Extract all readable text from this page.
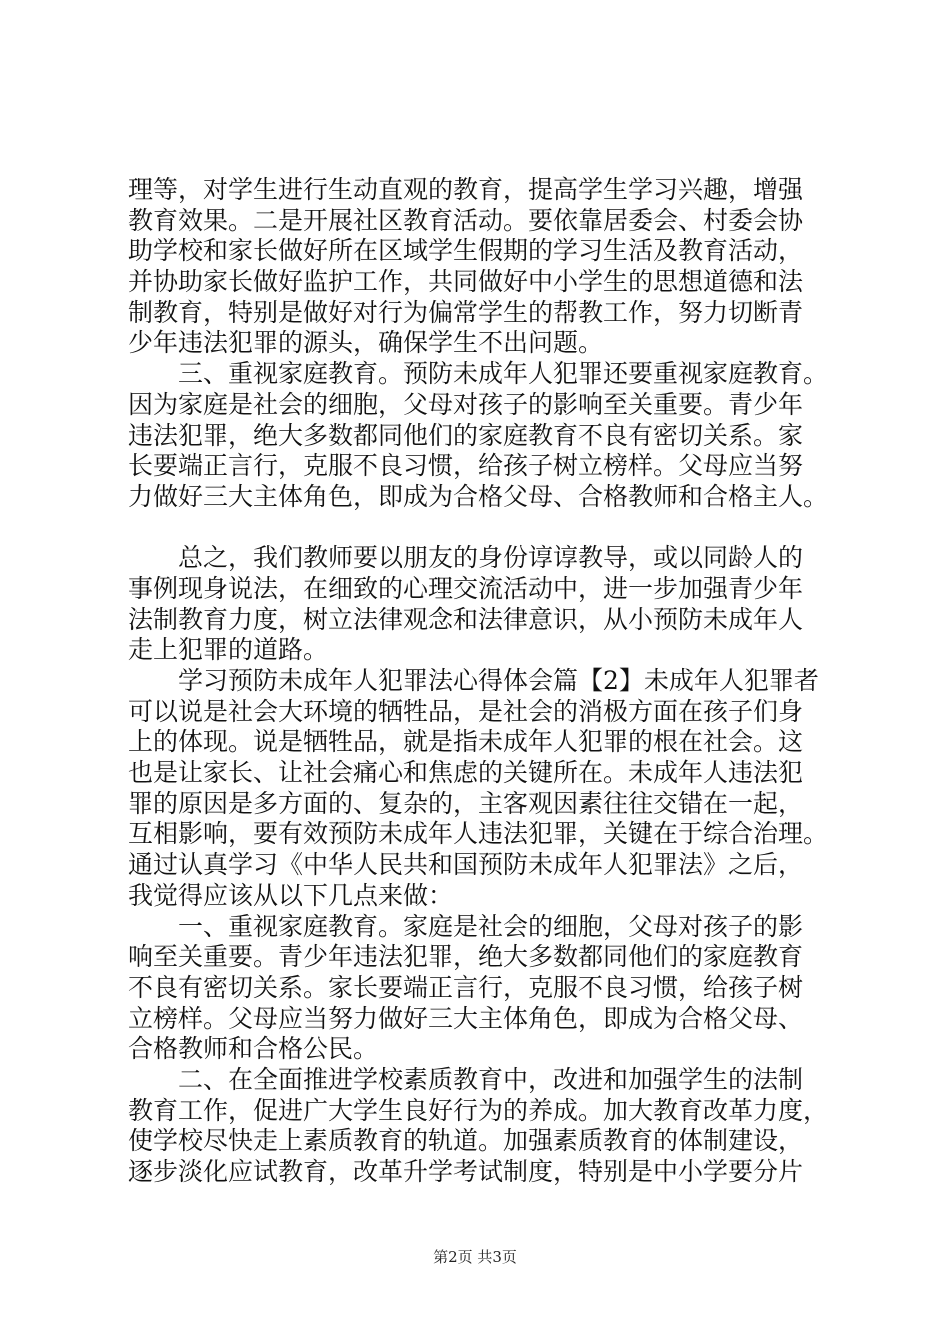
理等，对学生进行生动直观的教育，提高学生学习兴趣，增强
教育效果。二是开展社区教育活动。要依靠居委会、村委会协
助学校和家长做好所在区域学生假期的学习生活及教育活动，
并协助家长做好监护工作，共同做好中小学生的思想道德和法
制教育，特别是做好对行为偏常学生的帮教工作，努力切断青
少年违法犯罪的源头，确保学生不出问题。
　　三、重视家庭教育。预防未成年人犯罪还要重视家庭教育。
因为家庭是社会的细胞，父母对孩子的影响至关重要。青少年
违法犯罪，绝大多数都同他们的家庭教育不良有密切关系。家
长要端正言行，克服不良习惯，给孩子树立榜样。父母应当努
力做好三大主体角色，即成为合格父母、合格教师和合格主人。
　　总之，我们教师要以朋友的身份谆谆教导，或以同龄人的
事例现身说法，在细致的心理交流活动中，进一步加强青少年
法制教育力度，树立法律观念和法律意识，从小预防未成年人
走上犯罪的道路。
　　学习预防未成年人犯罪法心得体会篇【2】未成年人犯罪者
可以说是社会大环境的牺牲品，是社会的消极方面在孩子们身
上的体现。说是牺牲品，就是指未成年人犯罪的根在社会。这
也是让家长、让社会痛心和焦虑的关键所在。未成年人违法犯
罪的原因是多方面的、复杂的，主客观因素往往交错在一起，
互相影响，要有效预防未成年人违法犯罪，关键在于综合治理。
通过认真学习《中华人民共和国预防未成年人犯罪法》之后，
我觉得应该从以下几点来做：
　　一、重视家庭教育。家庭是社会的细胞，父母对孩子的影
响至关重要。青少年违法犯罪，绝大多数都同他们的家庭教育
不良有密切关系。家长要端正言行，克服不良习惯，给孩子树
立榜样。父母应当努力做好三大主体角色，即成为合格父母、
合格教师和合格公民。
　　二、在全面推进学校素质教育中，改进和加强学生的法制
教育工作，促进广大学生良好行为的养成。加大教育改革力度，
使学校尽快走上素质教育的轨道。加强素质教育的体制建设，
逐步淡化应试教育，改革升学考试制度，特别是中小学要分片
第2页 共3页
